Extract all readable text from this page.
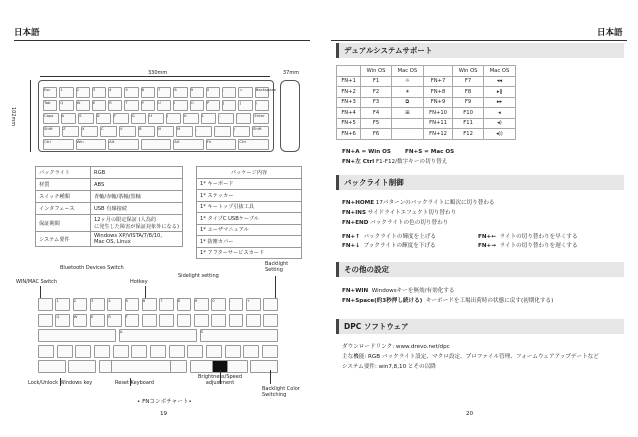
日本語
330mm	37mm
102mm
Esc	1	2	3	4	5	6	7	8	9	0	-	=	Backspace
Tab	Q	W	E	R	T	Y	U	I	O	P	[	]	\
Caps	A	S	D	F	G	H	J	K	L	;	'	Enter
Shift	Z	X	C	V	B	N	M	,	.	/	Shift
Ctrl	Win	Alt	Alt	Fn	Ctrl
バックライト	RGB
材質	ABS
スイッチ種類	青軸/赤軸/茶軸/黒軸
インタフェース	USB 有線接続
保証期間	12ヶ月の限定保証 (人為的
に発生した障害が保証対象外になる)
システム要件	Windows XP/VISTA/7/8/10,
Mac OS, Linux
パッケージ内容
1* キーボード
1* ステッカー
1* キートップ引抜工具
1* タイプC USBケーブル
1* ユーザマニュアル
1* 防塵カバー
1* アフターサービスカード
Bluetooth Devices Switch
WIN/MAC Switch	Hotkey
Sidelight setting
Backlight
Setting
1	2	3	4	5	6	7	8	9	0	-	+
Q	W	E	R	T
A	S
Lock/Unlock Windows key	Reset Keyboard
Brightness/Speed
adjustment
Backlight Color
Switching
• FNコンボチャート•
19
日本語
デュアルシステムサポート
	Win OS	Mac OS		Win OS	Mac OS
FN+1	F1	☼	FN+7	F7	◂◂
FN+2	F2	☀	FN+8	F8	▸ǁ
FN+3	F3	⧉	FN+9	F9	▸▸
FN+4	F4	⊞	FN+10	F10	◂
FN+5	F5		FN+11	F11	◂)
FN+6	F6		FN+12	F12	◂))
FN+A = Win OS	FN+S = Mac OS
FN+左 Ctrl F1-F12/数字キーの切り替え
バックライト制御
FN+HOME 17パターンのバックライトに順次に切り替わる
FN+INS サイドライトエフェクト切り替わり
FN+END バックライトの色の切り替わり
FN+↑ バックライトの輝度を上げる
FN+↓ ブックライトの輝度を下げる
FN+← ライトの切り替わりを早くする
FN+→ ライトの切り替わりを遅くする
その他の設定
FN+WIN Windowsキーを無効/有効化する
FN+Space(約3秒押し続ける) キーボードを工場出荷時の状態に戻す(初期化する)
DPC ソフトウェア
ダウンロードリンク: www.drevo.net/dpc
主な機能: RGB バックライト設定、マクロ設定、プロファイル管理、フォームウェアアップデートなど
システム要件: win7,8,10 とその以降
20
